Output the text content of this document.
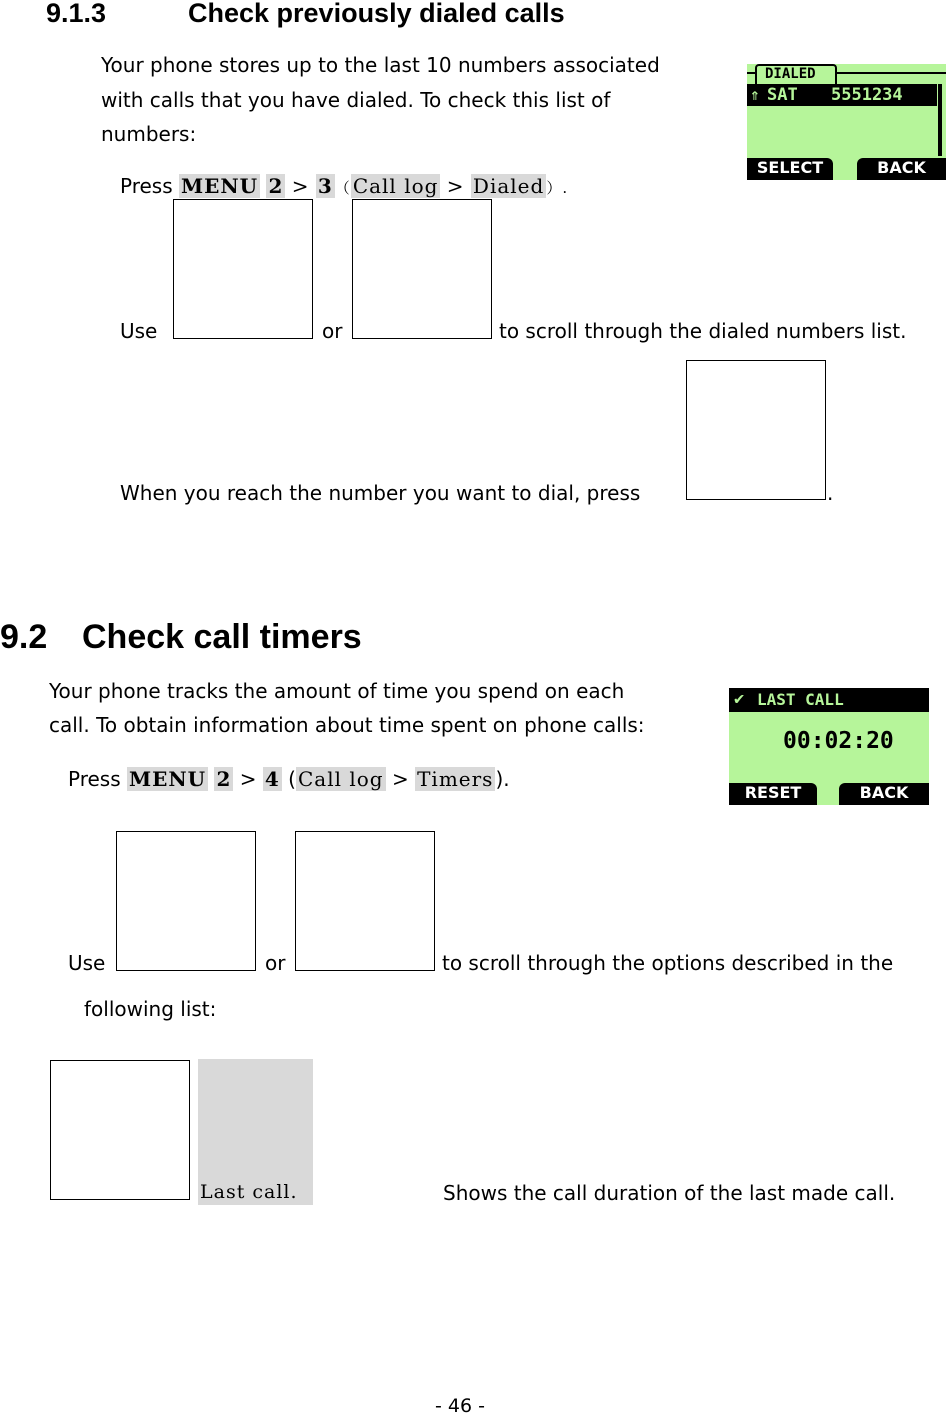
9.1.3	Check previously dialed calls
Your phone stores up to the last 10 numbers associated
with calls that you have dialed. To check this list of
numbers:
Press MENU 2 > 3 （ Call log > Dialed ）.
DIALED
⇑ SAT 5551234
SELECT	BACK
Use	or	to scroll through the dialed numbers list.
When you reach the number you want to dial, press	.
9.2 Check call timers
Your phone tracks the amount of time you spend on each
call. To obtain information about time spent on phone calls:
Press MENU 2 > 4 ( Call log > Timers ).
✔ LAST CALL
00:02:20
RESET	BACK
Use	or	to scroll through the options described in the
following list:
Last call.	Shows the call duration of the last made call.
- 46 -
